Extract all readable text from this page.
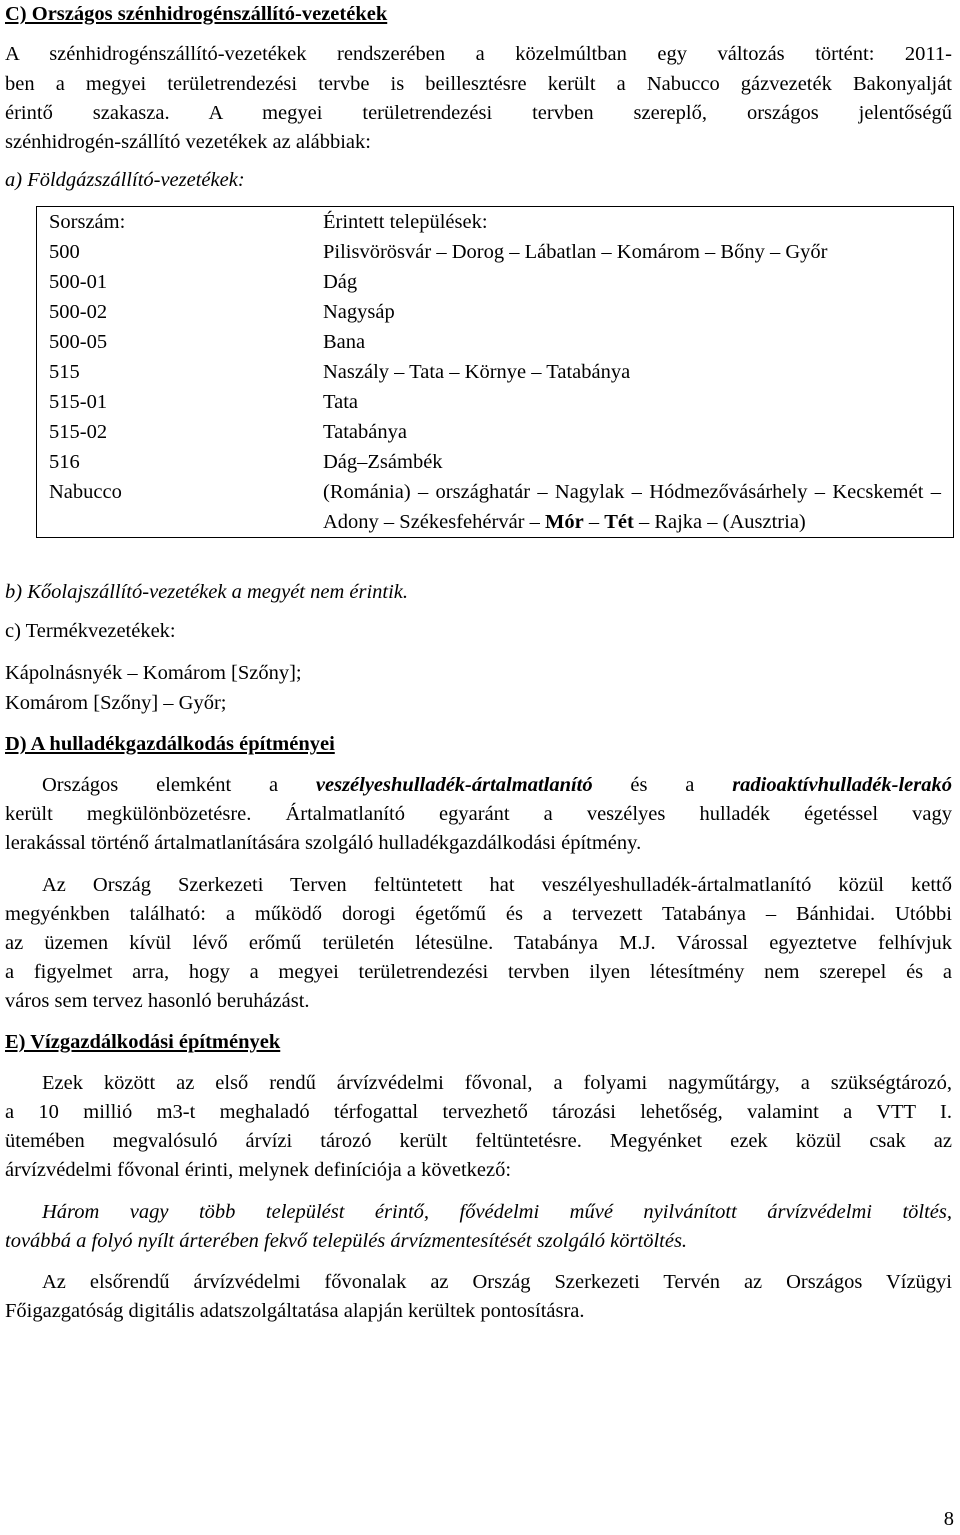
C) Országos szénhidrogénszállító-vezetékek
A szénhidrogénszállító-vezetékek rendszerében a közelmúltban egy változás történt: 2011-
ben a megyei területrendezési tervbe is beillesztésre került a Nabucco gázvezeték Bakonyalját
érintő szakasza. A megyei területrendezési tervben szereplő, országos jelentőségű
szénhidrogén-szállító vezetékek az alábbiak:
a) Földgázszállító-vezetékek:
Sorszám:	Érintett települések:
500	Pilisvörösvár – Dorog – Lábatlan – Komárom – Bőny – Győr
500-01	Dág
500-02	Nagysáp
500-05	Bana
515	Naszály – Tata – Környe – Tatabánya
515-01	Tata
515-02	Tatabánya
516	Dág–Zsámbék
Nabucco	(Románia) – országhatár – Nagylak – Hódmezővásárhely – Kecskemét – Adony – Székesfehérvár – Mór – Tét – Rajka – (Ausztria)
b) Kőolajszállító-vezetékek a megyét nem érintik.
c) Termékvezetékek:
Kápolnásnyék – Komárom [Szőny];
Komárom [Szőny] – Győr;
D) A hulladékgazdálkodás építményei
Országos elemként a veszélyeshulladék-ártalmatlanító és a radioaktívhulladék-lerakó
került megkülönbözetésre. Ártalmatlanító egyaránt a veszélyes hulladék égetéssel vagy
lerakással történő ártalmatlanítására szolgáló hulladékgazdálkodási építmény.
Az Ország Szerkezeti Terven feltüntetett hat veszélyeshulladék-ártalmatlanító közül kettő
megyénkben található: a működő dorogi égetőmű és a tervezett Tatabánya – Bánhidai. Utóbbi
az üzemen kívül lévő erőmű területén létesülne. Tatabánya M.J. Várossal egyeztetve felhívjuk
a figyelmet arra, hogy a megyei területrendezési tervben ilyen létesítmény nem szerepel és a
város sem tervez hasonló beruházást.
E) Vízgazdálkodási építmények
Ezek között az első rendű árvízvédelmi fővonal, a folyami nagyműtárgy, a szükségtározó,
a 10 millió m3-t meghaladó térfogattal tervezhető tározási lehetőség, valamint a VTT I.
ütemében megvalósuló árvízi tározó került feltüntetésre. Megyénket ezek közül csak az
árvízvédelmi fővonal érinti, melynek definíciója a következő:
Három vagy több települést érintő, fővédelmi művé nyilvánított árvízvédelmi töltés,
továbbá a folyó nyílt árterében fekvő település árvízmentesítését szolgáló körtöltés.
Az elsőrendű árvízvédelmi fővonalak az Ország Szerkezeti Tervén az Országos Vízügyi
Főigazgatóság digitális adatszolgáltatása alapján kerültek pontosításra.
8
